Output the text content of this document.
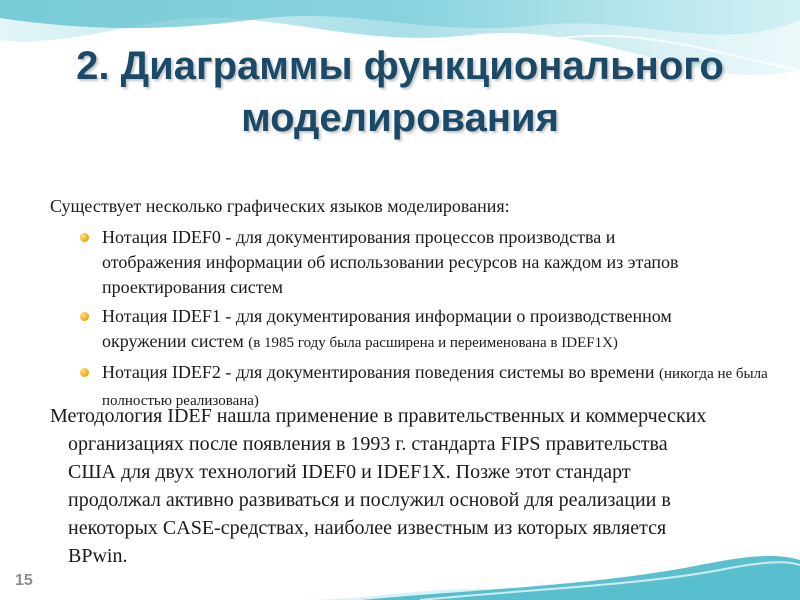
2. Диаграммы функционального
моделирования
Существует несколько графических языков моделирования:
Нотация IDEF0 - для документирования процессов производства и
отображения информации об использовании ресурсов на каждом из этапов
проектирования систем
Нотация IDEF1 - для документирования информации о производственном
окружении систем (в 1985 году была расширена и переименована в IDEF1X)
Нотация IDEF2 - для документирования поведения системы во времени (никогда не была полностью реализована)
Методология IDEF нашла применение в правительственных и коммерческих
организациях после появления в 1993 г. стандарта FIPS правительства
США для двух технологий IDEF0 и IDEF1X. Позже этот стандарт
продолжал активно развиваться и послужил основой для реализации в
некоторых CASE-средствах, наиболее известным из которых является
BPwin.
15
